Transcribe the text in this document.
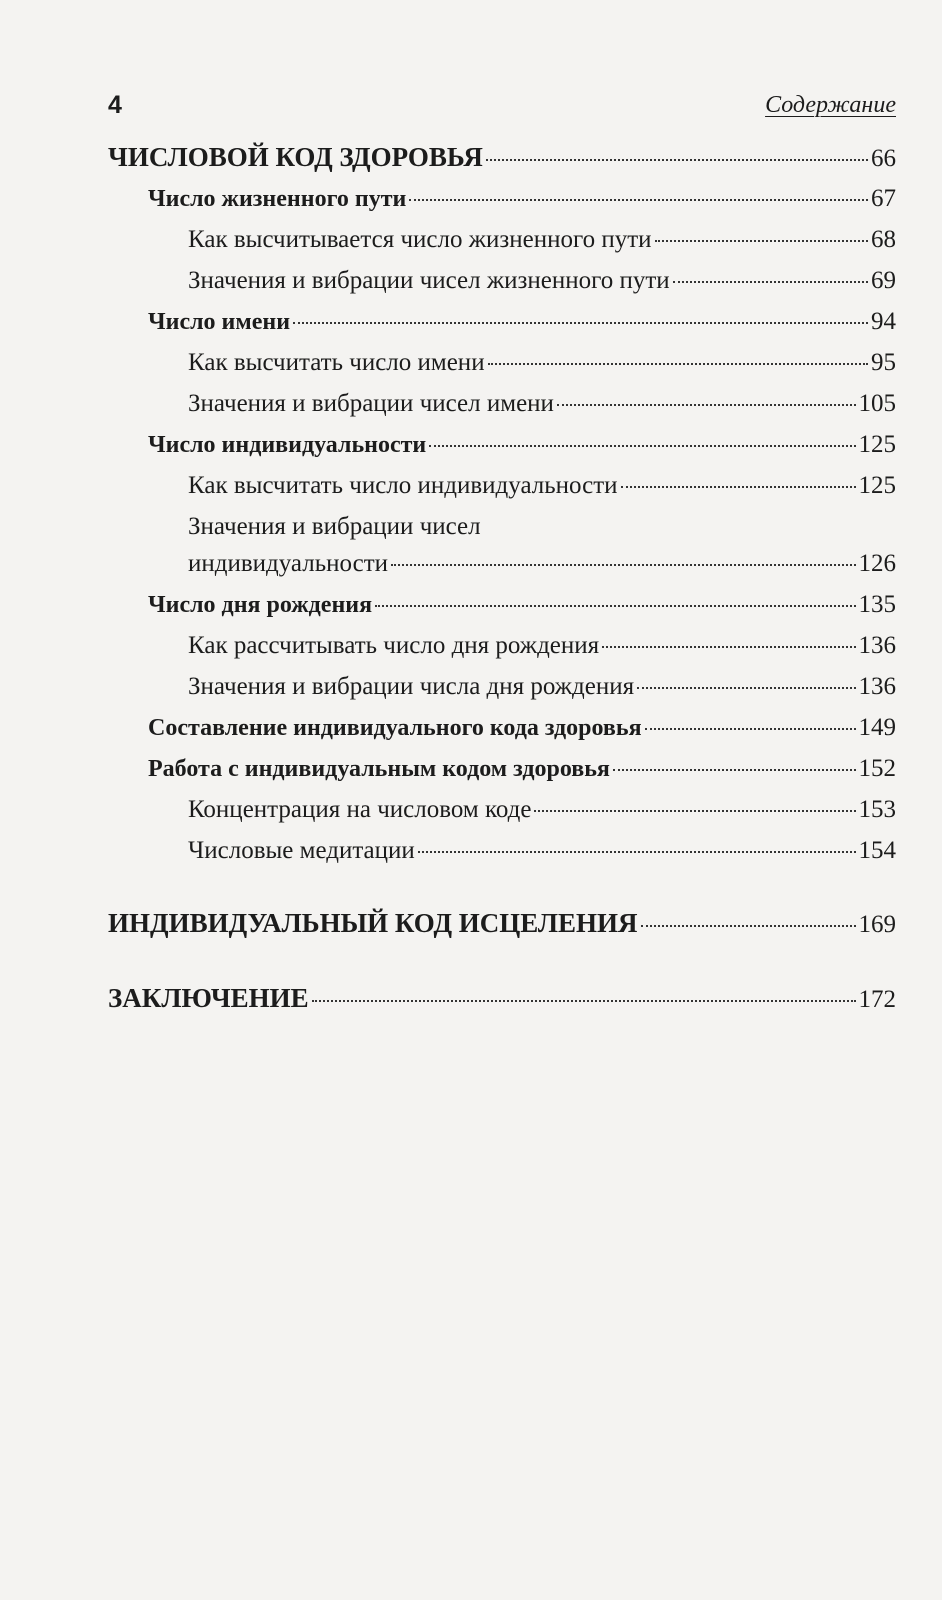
4	Содержание
ЧИСЛОВОЙ КОД ЗДОРОВЬЯ	66
Число жизненного пути	67
Как высчитывается число жизненного пути	68
Значения и вибрации чисел жизненного пути	69
Число имени	94
Как высчитать число имени	95
Значения и вибрации чисел имени	105
Число индивидуальности	125
Как высчитать число индивидуальности	125
Значения и вибрации чисел
индивидуальности	126
Число дня рождения	135
Как рассчитывать число дня рождения	136
Значения и вибрации числа дня рождения	136
Составление индивидуального кода здоровья	149
Работа с индивидуальным кодом здоровья	152
Концентрация на числовом коде	153
Числовые медитации	154
ИНДИВИДУАЛЬНЫЙ КОД ИСЦЕЛЕНИЯ	169
ЗАКЛЮЧЕНИЕ	172
